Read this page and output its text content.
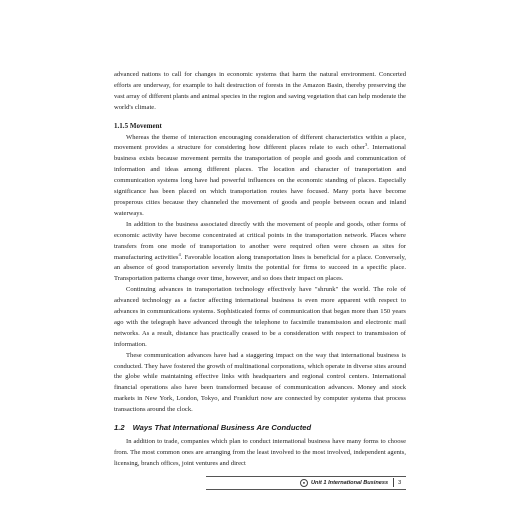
advanced nations to call for changes in economic systems that harm the natural environment. Concerted efforts are underway, for example to halt destruction of forests in the Amazon Basin, thereby preserving the vast array of different plants and animal species in the region and saving vegetation that can help moderate the world's climate.

1.1.5 Movement

Whereas the theme of interaction encouraging consideration of different characteristics within a place, movement provides a structure for considering how different places relate to each other$^3$. International business exists because movement permits the transportation of people and goods and communication of information and ideas among different places. The location and character of transportation and communication systems long have had powerful influences on the economic standing of places. Especially significance has been placed on which transportation routes have focused. Many ports have become prosperous cities because they channeled the movement of goods and people between ocean and inland waterways.

In addition to the business associated directly with the movement of people and goods, other forms of economic activity have become concentrated at critical points in the transportation network. Places where transfers from one mode of transportation to another were required often were chosen as sites for manufacturing activities$^4$. Favorable location along transportation lines is beneficial for a place. Conversely, an absence of good transportation severely limits the potential for firms to succeed in a specific place. Transportation patterns change over time, however, and so does their impact on places.

Continuing advances in transportation technology effectively have "shrunk" the world. The role of advanced technology as a factor affecting international business is even more apparent with respect to advances in communications systems. Sophisticated forms of communication that began more than 150 years ago with the telegraph have advanced through the telephone to facsimile transmission and electronic mail networks. As a result, distance has practically ceased to be a consideration with respect to transmission of information.

These communication advances have had a staggering impact on the way that international business is conducted. They have fostered the growth of multinational corporations, which operate in diverse sites around the globe while maintaining effective links with headquarters and regional control centers. International financial operations also have been transformed because of communication advances. Money and stock markets in New York, London, Tokyo, and Frankfurt now are connected by computer systems that process transactions around the clock.

1.2 Ways That International Business Are Conducted

In addition to trade, companies which plan to conduct international business have many forms to choose from. The most common ones are arranging from the least involved to the most involved, independent agents, licensing, branch offices, joint ventures and direct

● Unit 1 International Business 3
